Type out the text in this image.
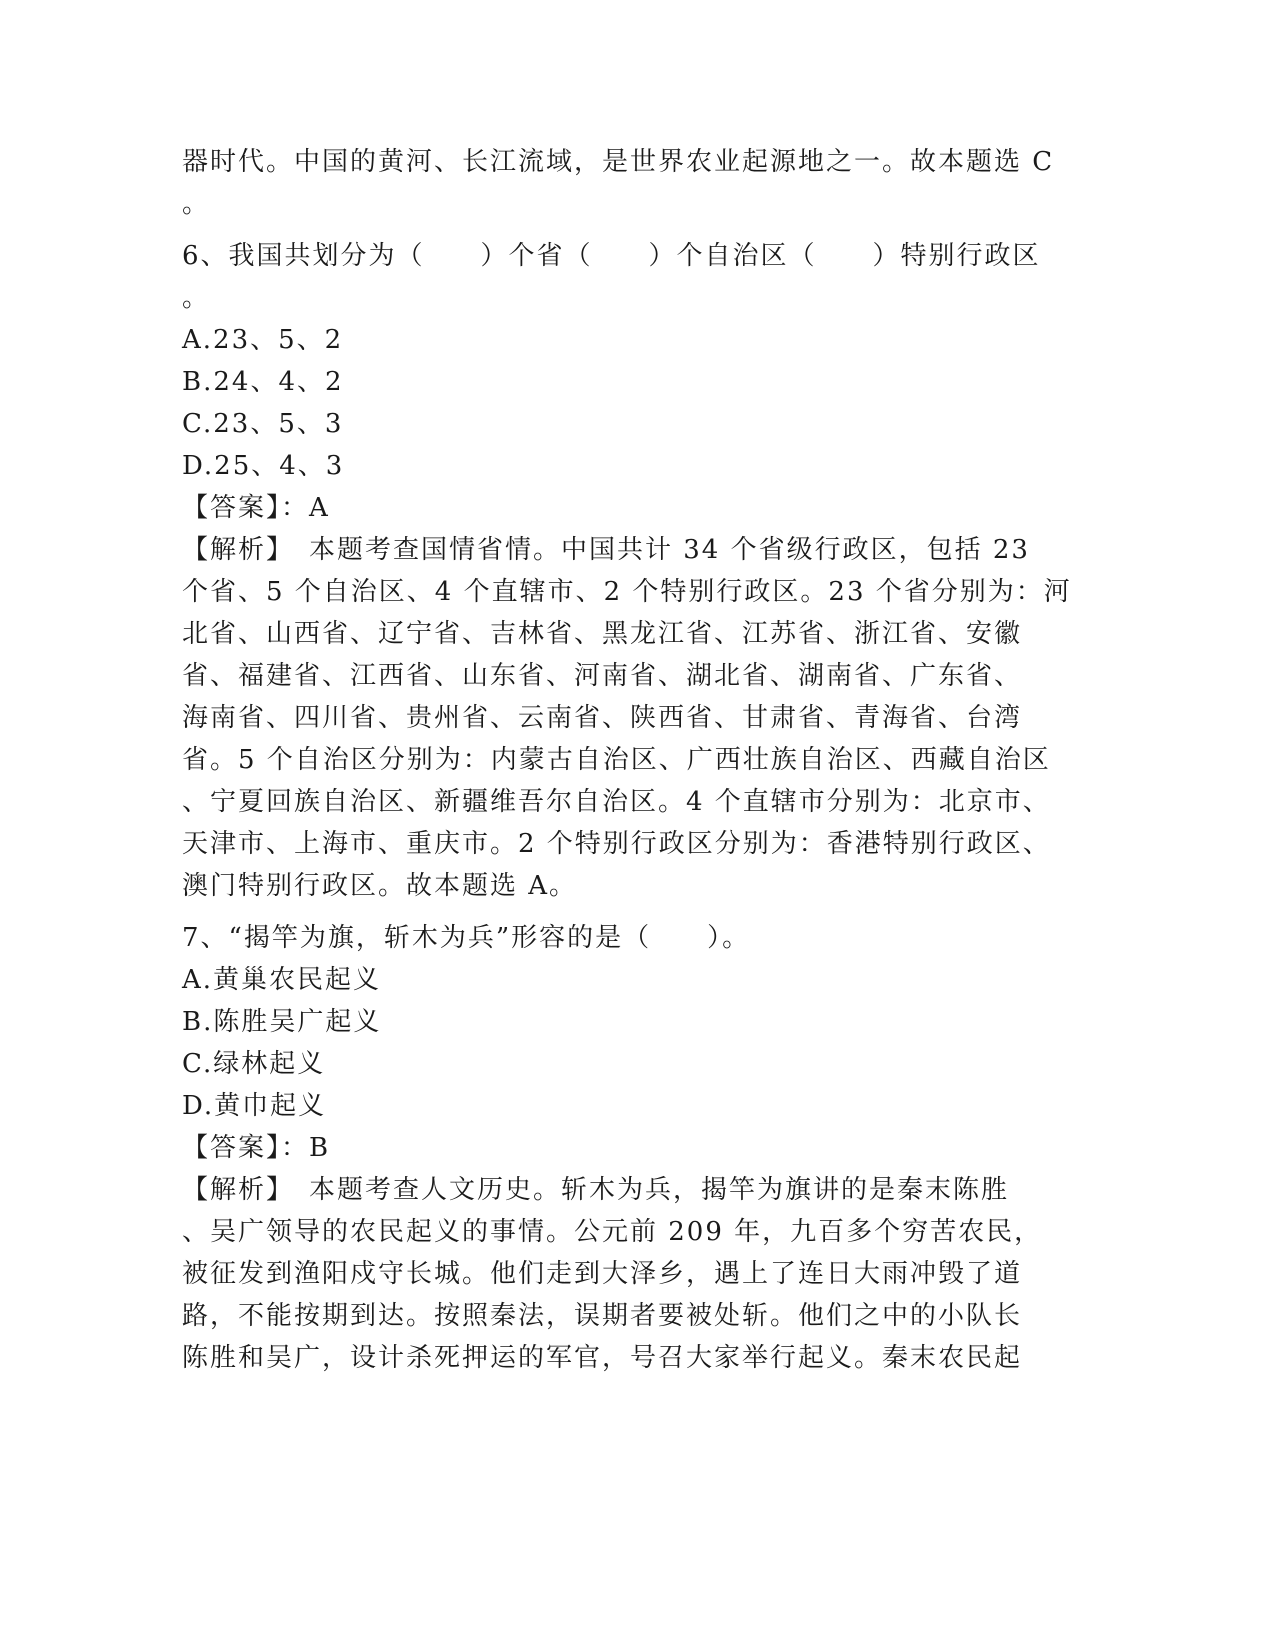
器时代。中国的黄河、长江流域，是世界农业起源地之一。故本题选 C
。
6、我国共划分为（　　）个省（　　）个自治区（　　）特别行政区
。
A.23、5、2
B.24、4、2
C.23、5、3
D.25、4、3
【答案】：A
【解析】　本题考查国情省情。中国共计 34 个省级行政区，包括 23
个省、5 个自治区、4 个直辖市、2 个特别行政区。23 个省分别为：河
北省、山西省、辽宁省、吉林省、黑龙江省、江苏省、浙江省、安徽
省、福建省、江西省、山东省、河南省、湖北省、湖南省、广东省、
海南省、四川省、贵州省、云南省、陕西省、甘肃省、青海省、台湾
省。5 个自治区分别为：内蒙古自治区、广西壮族自治区、西藏自治区
、宁夏回族自治区、新疆维吾尔自治区。4 个直辖市分别为：北京市、
天津市、上海市、重庆市。2 个特别行政区分别为：香港特别行政区、
澳门特别行政区。故本题选 A。
7、“揭竿为旗，斩木为兵”形容的是（　　）。
A.黄巢农民起义
B.陈胜吴广起义
C.绿林起义
D.黄巾起义
【答案】：B
【解析】　本题考查人文历史。斩木为兵，揭竿为旗讲的是秦末陈胜
、吴广领导的农民起义的事情。公元前 209 年，九百多个穷苦农民，
被征发到渔阳戍守长城。他们走到大泽乡，遇上了连日大雨冲毁了道
路，不能按期到达。按照秦法，误期者要被处斩。他们之中的小队长
陈胜和吴广，设计杀死押运的军官，号召大家举行起义。秦末农民起
